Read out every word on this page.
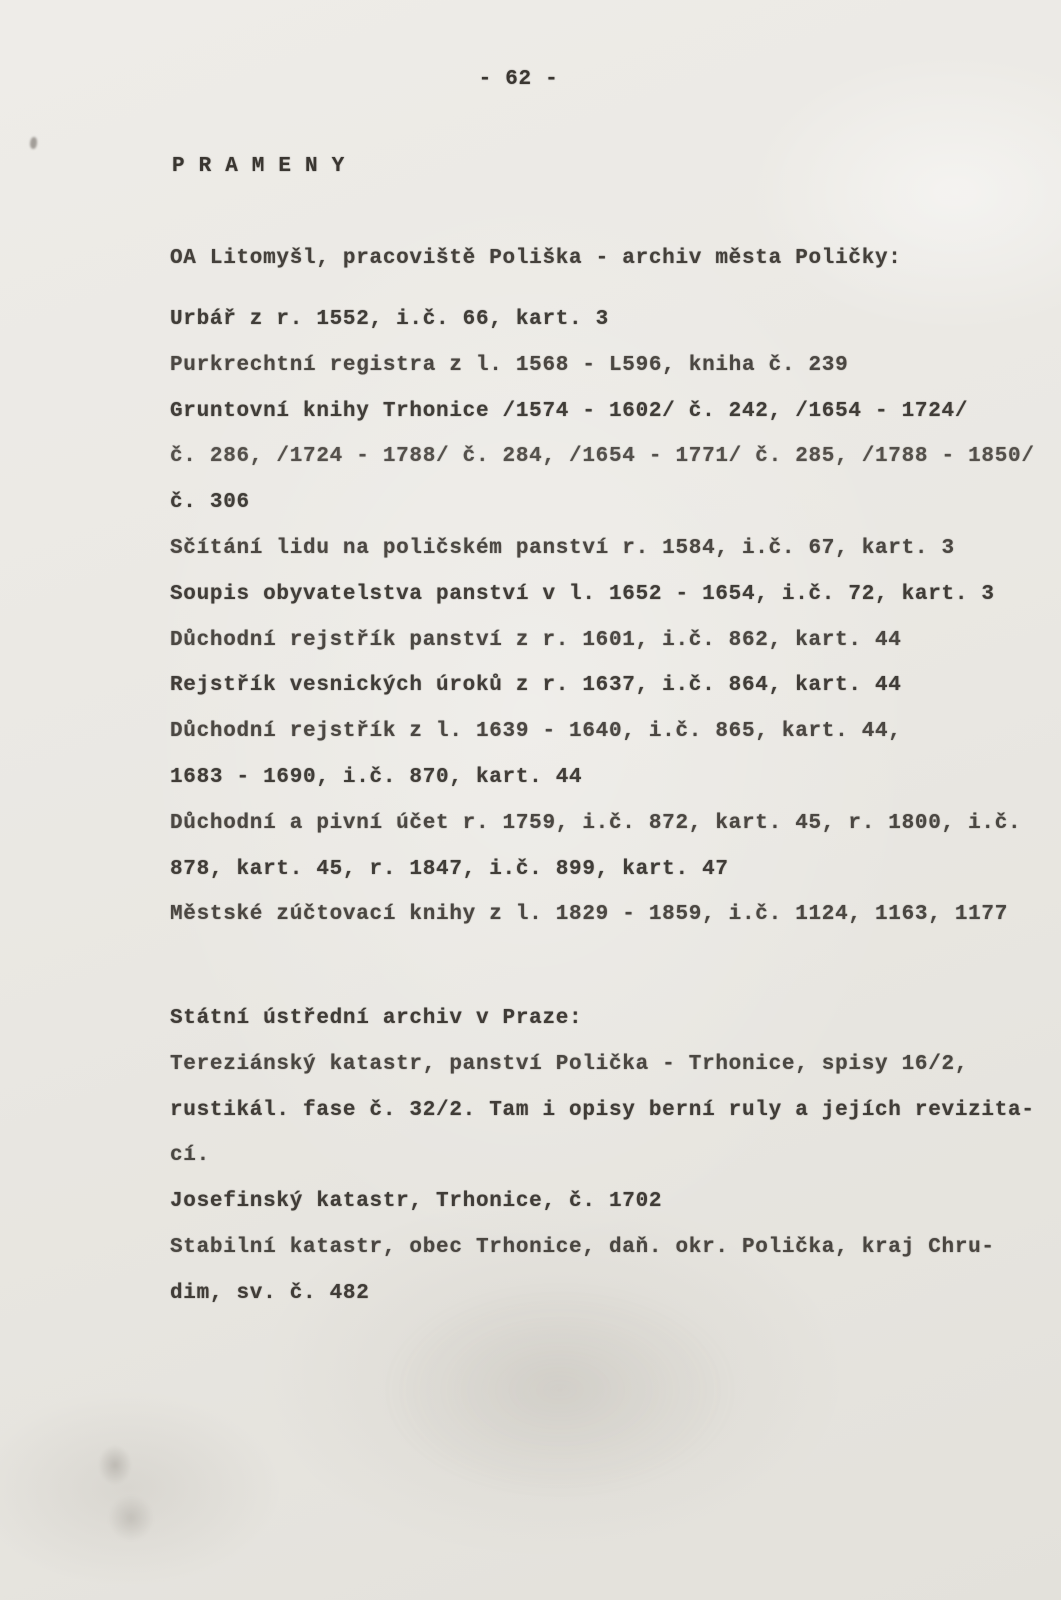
- 62 -
P R A M E N Y
OA Litomyšl, pracoviště Poliška - archiv města Poličky:
Urbář z r. 1552, i.č. 66, kart. 3
Purkrechtní registra z l. 1568 - L596, kniha č. 239
Gruntovní knihy Trhonice /1574 - 1602/ č. 242, /1654 - 1724/
č. 286, /1724 - 1788/ č. 284, /1654 - 1771/ č. 285, /1788 - 1850/
č. 306
Sčítání lidu na poličském panství r. 1584, i.č. 67, kart. 3
Soupis obyvatelstva panství v l. 1652 - 1654, i.č. 72, kart. 3
Důchodní rejstřík panství z r. 1601, i.č. 862, kart. 44
Rejstřík vesnických úroků z r. 1637, i.č. 864, kart. 44
Důchodní rejstřík z l. 1639 - 1640, i.č. 865, kart. 44,
1683 - 1690, i.č. 870, kart. 44
Důchodní a pivní účet r. 1759, i.č. 872, kart. 45, r. 1800, i.č.
878, kart. 45, r. 1847, i.č. 899, kart. 47
Městské zúčtovací knihy z l. 1829 - 1859, i.č. 1124, 1163, 1177
Státní ústřední archiv v Praze:
Tereziánský katastr, panství Polička - Trhonice, spisy 16/2,
rustikál. fase č. 32/2. Tam i opisy berní ruly a jejích revizita-
cí.
Josefinský katastr, Trhonice, č. 1702
Stabilní katastr, obec Trhonice, daň. okr. Polička, kraj Chru-
dim, sv. č. 482
